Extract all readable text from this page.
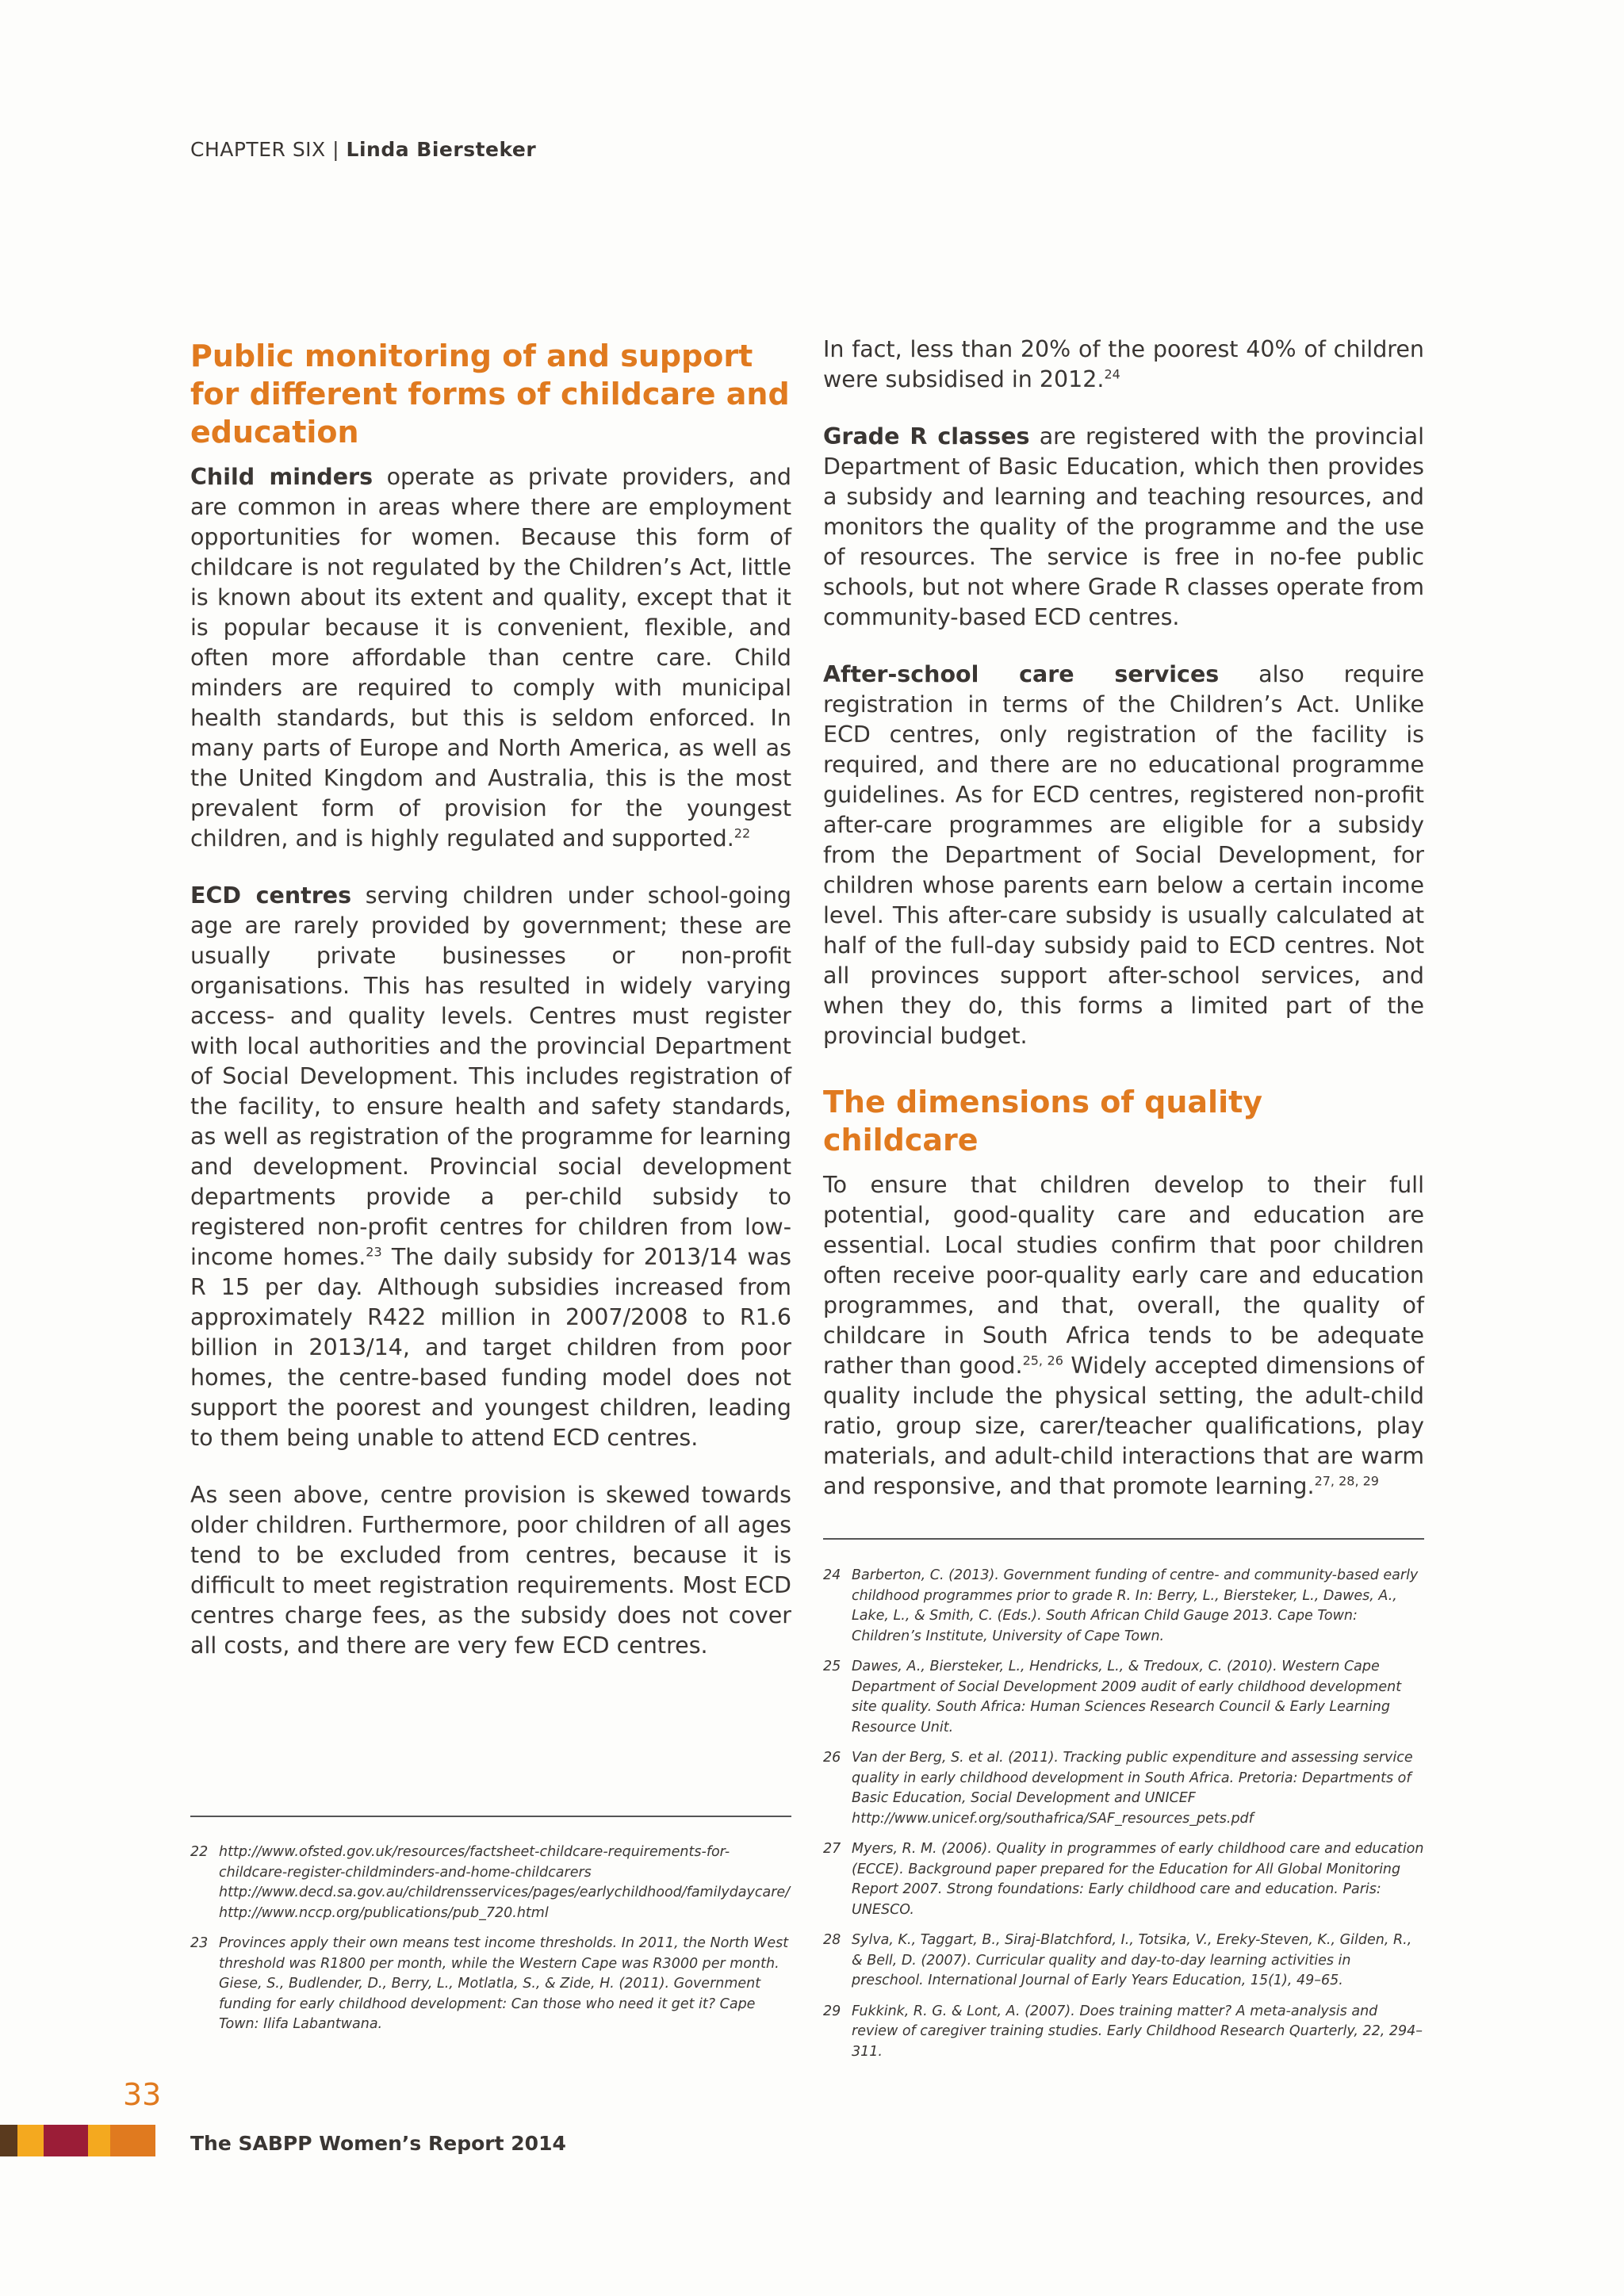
CHAPTER SIX | Linda Biersteker
Public monitoring of and support for different forms of childcare and education

Child minders operate as private providers, and are common in areas where there are employment opportunities for women. Because this form of childcare is not regulated by the Children’s Act, little is known about its extent and quality, except that it is popular because it is convenient, flexible, and often more affordable than centre care. Child minders are required to comply with municipal health standards, but this is seldom enforced. In many parts of Europe and North America, as well as the United Kingdom and Australia, this is the most prevalent form of provision for the youngest children, and is highly regulated and supported.$^{22}$

ECD centres serving children under school-going age are rarely provided by government; these are usually private businesses or non-profit organisations. This has resulted in widely varying access- and quality levels. Centres must register with local authorities and the provincial Department of Social Development. This includes registration of the facility, to ensure health and safety standards, as well as registration of the programme for learning and development. Provincial social development departments provide a per-child subsidy to registered non-profit centres for children from low-income homes.$^{23}$ The daily subsidy for 2013/14 was R 15 per day. Although subsidies increased from approximately R422 million in 2007/2008 to R1.6 billion in 2013/14, and target children from poor homes, the centre-based funding model does not support the poorest and youngest children, leading to them being unable to attend ECD centres.

As seen above, centre provision is skewed towards older children. Furthermore, poor children of all ages tend to be excluded from centres, because it is difficult to meet registration requirements. Most ECD centres charge fees, as the subsidy does not cover all costs, and there are very few ECD centres.

In fact, less than 20% of the poorest 40% of children were subsidised in 2012.24

Grade R classes are registered with the provincial Department of Basic Education, which then provides a subsidy and learning and teaching resources, and monitors the quality of the programme and the use of resources. The service is free in no-fee public schools, but not where Grade R classes operate from community-based ECD centres.

After-school care services also require registration in terms of the Children’s Act. Unlike ECD centres, only registration of the facility is required, and there are no educational programme guidelines. As for ECD centres, registered non-profit after-care programmes are eligible for a subsidy from the Department of Social Development, for children whose parents earn below a certain income level. This after-care subsidy is usually calculated at half of the full-day subsidy paid to ECD centres. Not all provinces support after-school services, and when they do, this forms a limited part of the provincial budget.

The dimensions of quality childcare

To ensure that children develop to their full potential, good-quality care and education are essential. Local studies confirm that poor children often receive poor-quality early care and education programmes, and that, overall, the quality of childcare in South Africa tends to be adequate rather than good.$^{25, 26}$ Widely accepted dimensions of quality include the physical setting, the adult-child ratio, group size, carer/teacher qualifications, play materials, and adult-child interactions that are warm and responsive, and that promote learning.$^{27, 28, 29}$

22 http://www.ofsted.gov.uk/resources/factsheet-childcare-requirements-for-childcare-register-childminders-and-home-childcarers http://www.decd.sa.gov.au/childrensservices/pages/earlychildhood/familydaycare/ http://www.nccp.org/publications/pub_720.html
23 Provinces apply their own means test income thresholds. In 2011, the North West threshold was R1800 per month, while the Western Cape was R3000 per month. Giese, S., Budlender, D., Berry, L., Motlatla, S., & Zide, H. (2011). Government funding for early childhood development: Can those who need it get it? Cape Town: Ilifa Labantwana.
24 Barberton, C. (2013). Government funding of centre- and community-based early childhood programmes prior to grade R. In: Berry, L., Biersteker, L., Dawes, A., Lake, L., & Smith, C. (Eds.). South African Child Gauge 2013. Cape Town: Children’s Institute, University of Cape Town.
25 Dawes, A., Biersteker, L., Hendricks, L., & Tredoux, C. (2010). Western Cape Department of Social Development 2009 audit of early childhood development site quality. South Africa: Human Sciences Research Council & Early Learning Resource Unit.
26 Van der Berg, S. et al. (2011). Tracking public expenditure and assessing service quality in early childhood development in South Africa. Pretoria: Departments of Basic Education, Social Development and UNICEF http://www.unicef.org/southafrica/SAF_resources_pets.pdf
27 Myers, R. M. (2006). Quality in programmes of early childhood care and education (ECCE). Background paper prepared for the Education for All Global Monitoring Report 2007. Strong foundations: Early childhood care and education. Paris: UNESCO.
28 Sylva, K., Taggart, B., Siraj-Blatchford, I., Totsika, V., Ereky-Steven, K., Gilden, R., & Bell, D. (2007). Curricular quality and day-to-day learning activities in preschool. International Journal of Early Years Education, 15(1), 49–65.
29 Fukkink, R. G. & Lont, A. (2007). Does training matter? A meta-analysis and review of caregiver training studies. Early Childhood Research Quarterly, 22, 294–311.
33
The SABPP Women’s Report 2014
